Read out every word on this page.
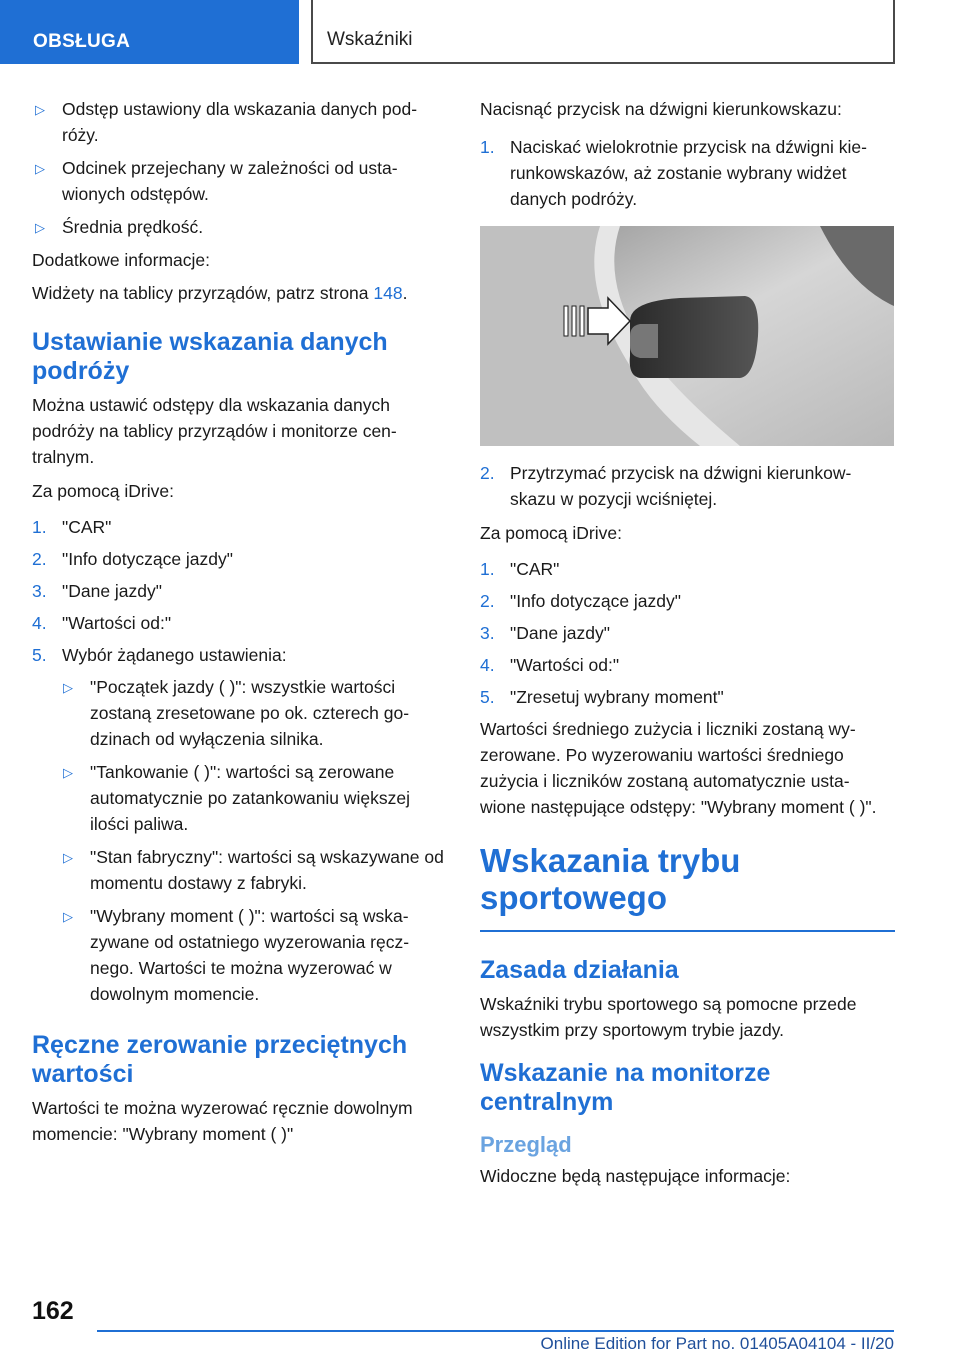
OBSŁUGA	Wskaźniki
▷ Odstęp ustawiony dla wskazania danych pod-róży.
▷ Odcinek przejechany w zależności od usta-wionych odstępów.
▷ Średnia prędkość.
Dodatkowe informacje:
Widżety na tablicy przyrządów, patrz strona 148.
Ustawianie wskazania danych podróży
Można ustawić odstępy dla wskazania danych podróży na tablicy przyrządów i monitorze cen-tralnym.
Za pomocą iDrive:
1. "CAR"
2. "Info dotyczące jazdy"
3. "Dane jazdy"
4. "Wartości od:"
5. Wybór żądanego ustawienia:
▷ "Początek jazdy ( )": wszystkie wartości zostaną zresetowane po ok. czterech go-dzinach od wyłączenia silnika.
▷ "Tankowanie ( )": wartości są zerowane automatycznie po zatankowaniu większej ilości paliwa.
▷ "Stan fabryczny": wartości są wskazywane od momentu dostawy z fabryki.
▷ "Wybrany moment ( )": wartości są wska-zywane od ostatniego wyzerowania ręcz-nego. Wartości te można wyzerować w dowolnym momencie.
Ręczne zerowanie przeciętnych wartości
Wartości te można wyzerować ręcznie dowolnym momencie: "Wybrany moment ( )"
Nacisnąć przycisk na dźwigni kierunkowskazu:
1. Naciskać wielokrotnie przycisk na dźwigni kie-runkowskazów, aż zostanie wybrany widżet danych podróży.
2. Przytrzymać przycisk na dźwigni kierunkow-skazu w pozycji wciśniętej.
Za pomocą iDrive:
1. "CAR"
2. "Info dotyczące jazdy"
3. "Dane jazdy"
4. "Wartości od:"
5. "Zresetuj wybrany moment"
Wartości średniego zużycia i liczniki zostaną wy-zerowane. Po wyzerowaniu wartości średniego zużycia i liczników zostaną automatycznie usta-wione następujące odstępy: "Wybrany moment ( )".
Wskazania trybu sportowego
Zasada działania
Wskaźniki trybu sportowego są pomocne przede wszystkim przy sportowym trybie jazdy.
Wskazanie na monitorze centralnym
Przegląd
Widoczne będą następujące informacje:
162
Online Edition for Part no. 01405A04104 - II/20
